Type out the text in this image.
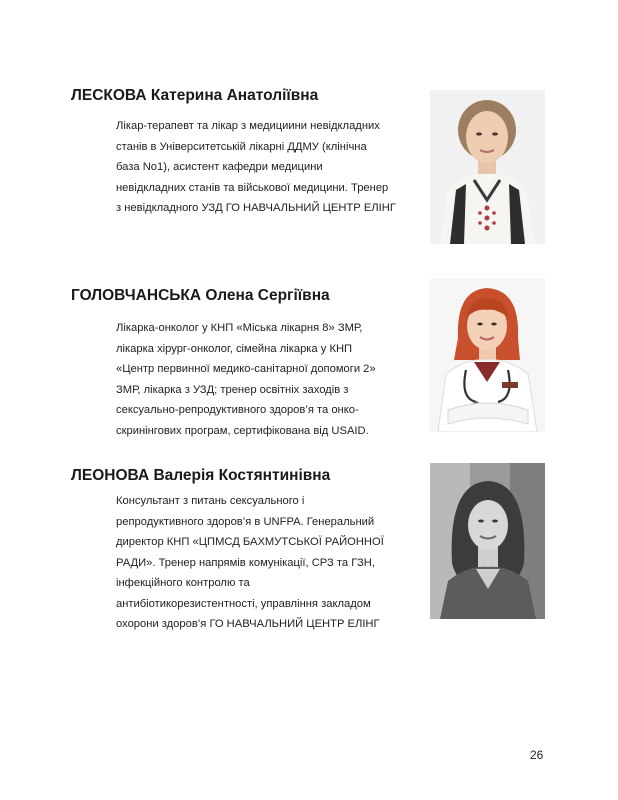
ЛЕСКОВА Катерина Анатоліївна
Лікар-терапевт та лікар з медициини невідкладних
станів в Університетській лікарні ДДМУ (клінічна
база No1), асистент кафедри медицини
невідкладних станів та військової медицини. Тренер
з невідкладного УЗД ГО НАВЧАЛЬНИЙ ЦЕНТР ЕЛІНГ
ГОЛОВЧАНСЬКА Олена Сергіївна
Лікарка-онколог у КНП «Міська лікарня 8» ЗМР,
лікарка хірург-онколог, сімейна лікарка у КНП
«Центр первинної медико-санітарної допомоги 2»
ЗМР, лікарка з УЗД; тренер освітніх заходів з
сексуально-репродуктивного здоров’я та онко-
скринінгових програм, сертифікована від USAID.
ЛЕОНОВА Валерія Костянтинівна
Консультант з питань сексуального і
репродуктивного здоров’я в UNFPA. Генеральний
директор КНП «ЦПМСД БАХМУТСЬКОЇ РАЙОННОЇ
РАДИ». Тренер напрямів комунікації, СРЗ та ГЗН,
інфекційного контролю та
антибіотикорезистентності, управління закладом
охорони здоров’я ГО НАВЧАЛЬНИЙ ЦЕНТР ЕЛІНГ
26
